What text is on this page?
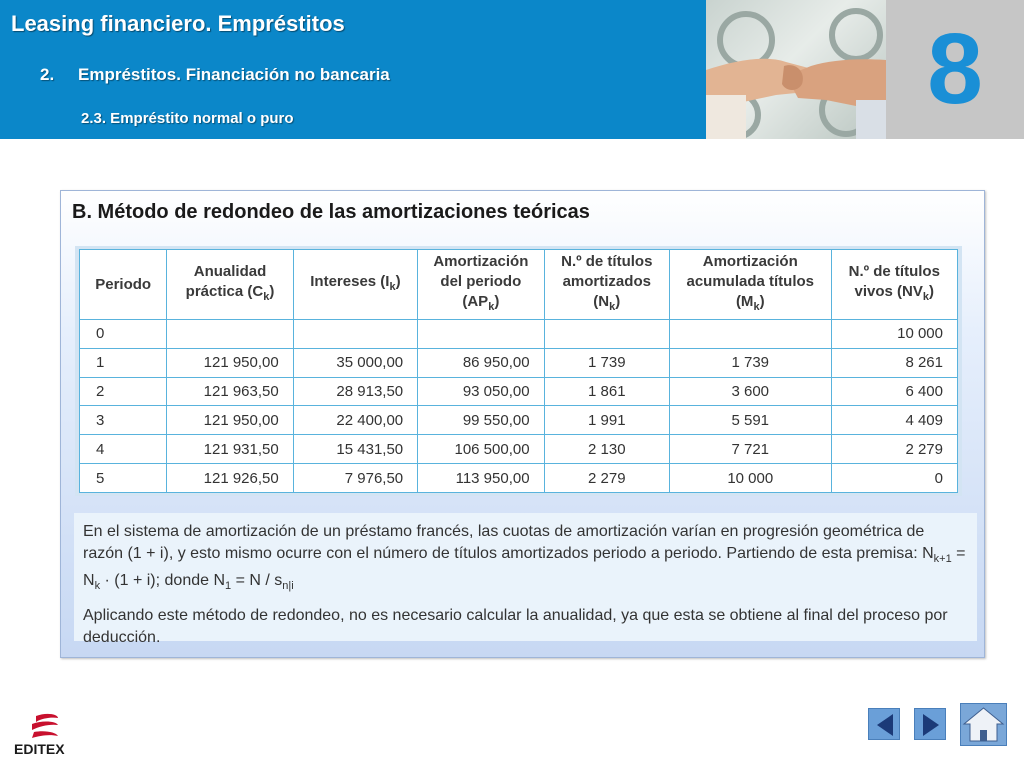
Leasing financiero. Empréstitos
2. Empréstitos. Financiación no bancaria
2.3. Empréstito normal o puro	8
B. Método de redondeo de las amortizaciones teóricas
Periodo	Anualidad práctica $(C_k)$	Intereses $(I_k)$	Amortización del periodo $(AP_k)$	N.º de títulos amortizados $(N_k)$	Amortización acumulada títulos $(M_k)$	N.º de títulos vivos $(NV_k)$
0						10 000
1	121 950,00	35 000,00	86 950,00	1 739	1 739	8 261
2	121 963,50	28 913,50	93 050,00	1 861	3 600	6 400
3	121 950,00	22 400,00	99 550,00	1 991	5 591	4 409
4	121 931,50	15 431,50	106 500,00	2 130	7 721	2 279
5	121 926,50	7 976,50	113 950,00	2 279	10 000	0

En el sistema de amortización de un préstamo francés, las cuotas de amortización varían en progresión geométrica de razón (1 + i), y esto mismo ocurre con el número de títulos amortizados periodo a periodo. Partiendo de esta premisa: $N_{k+1} = N_k \cdot (1 + i)$; donde $N_1 = N / s_{n|i}$

Aplicando este método de redondeo, no es necesario calcular la anualidad, ya que esta se obtiene al final del proceso por deducción.

EDITEX
